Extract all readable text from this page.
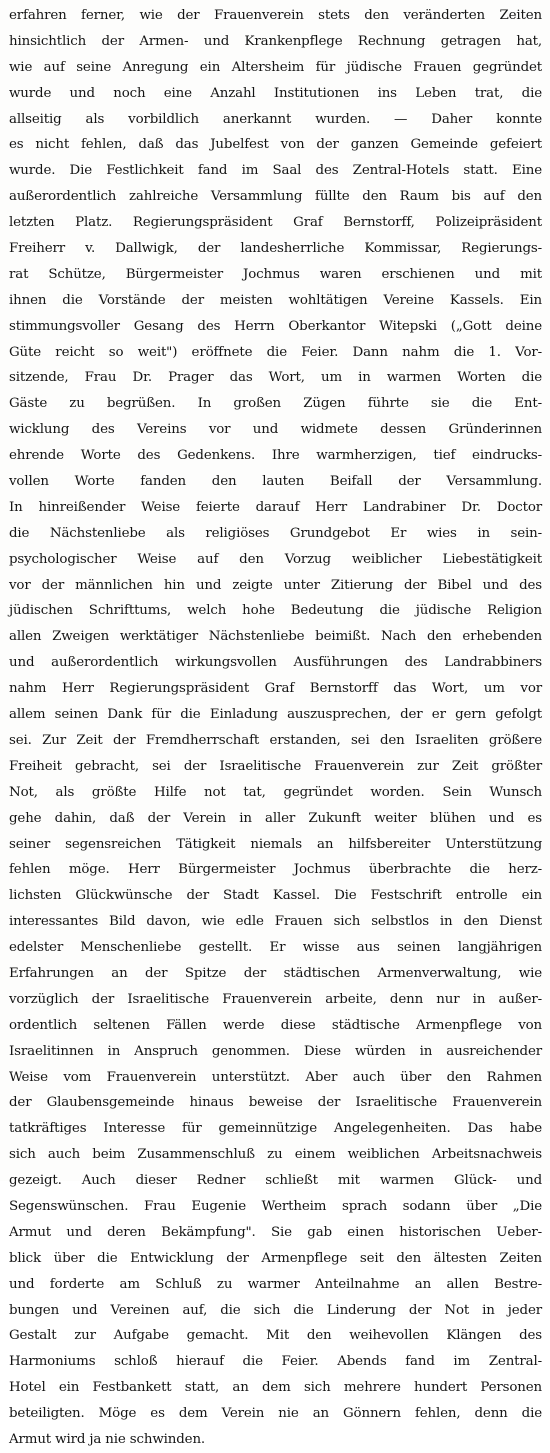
erfahren ferner, wie der Frauenverein stets den veränderten Zeiten
hinsichtlich der Armen- und Krankenpflege Rechnung getragen hat,
wie auf seine Anregung ein Altersheim für jüdische Frauen gegründet
wurde und noch eine Anzahl Institutionen ins Leben trat, die
allseitig als vorbildlich anerkannt wurden. — Daher konnte
es nicht fehlen, daß das Jubelfest von der ganzen Gemeinde gefeiert
wurde. Die Festlichkeit fand im Saal des Zentral-Hotels statt. Eine
außerordentlich zahlreiche Versammlung füllte den Raum bis auf den
letzten Platz. Regierungspräsident Graf Bernstorff, Polizeipräsident
Freiherr v. Dallwigk, der landesherrliche Kommissar, Regierungs-
rat Schütze, Bürgermeister Jochmus waren erschienen und mit
ihnen die Vorstände der meisten wohltätigen Vereine Kassels. Ein
stimmungsvoller Gesang des Herrn Oberkantor Witepski („Gott deine
Güte reicht so weit") eröffnete die Feier. Dann nahm die 1. Vor-
sitzende, Frau Dr. Prager das Wort, um in warmen Worten die
Gäste zu begrüßen. In großen Zügen führte sie die Ent-
wicklung des Vereins vor und widmete dessen Gründerinnen
ehrende Worte des Gedenkens. Ihre warmherzigen, tief eindrucks-
vollen Worte fanden den lauten Beifall der Versammlung.
In hinreißender Weise feierte darauf Herr Landrabiner Dr. Doctor
die Nächstenliebe als religiöses Grundgebot Er wies in sein-
psychologischer Weise auf den Vorzug weiblicher Liebestätigkeit
vor der männlichen hin und zeigte unter Zitierung der Bibel und des
jüdischen Schrifttums, welch hohe Bedeutung die jüdische Religion
allen Zweigen werktätiger Nächstenliebe beimißt. Nach den erhebenden
und außerordentlich wirkungsvollen Ausführungen des Landrabbiners
nahm Herr Regierungspräsident Graf Bernstorff das Wort, um vor
allem seinen Dank für die Einladung auszusprechen, der er gern gefolgt
sei. Zur Zeit der Fremdherrschaft erstanden, sei den Israeliten größere
Freiheit gebracht, sei der Israelitische Frauenverein zur Zeit größter
Not, als größte Hilfe not tat, gegründet worden. Sein Wunsch
gehe dahin, daß der Verein in aller Zukunft weiter blühen und es
seiner segensreichen Tätigkeit niemals an hilfsbereiter Unterstützung
fehlen möge. Herr Bürgermeister Jochmus überbrachte die herz-
lichsten Glückwünsche der Stadt Kassel. Die Festschrift entrolle ein
interessantes Bild davon, wie edle Frauen sich selbstlos in den Dienst
edelster Menschenliebe gestellt. Er wisse aus seinen langjährigen
Erfahrungen an der Spitze der städtischen Armenverwaltung, wie
vorzüglich der Israelitische Frauenverein arbeite, denn nur in außer-
ordentlich seltenen Fällen werde diese städtische Armenpflege von
Israelitinnen in Anspruch genommen. Diese würden in ausreichender
Weise vom Frauenverein unterstützt. Aber auch über den Rahmen
der Glaubensgemeinde hinaus beweise der Israelitische Frauenverein
tatkräftiges Interesse für gemeinnützige Angelegenheiten. Das habe
sich auch beim Zusammenschluß zu einem weiblichen Arbeitsnachweis
gezeigt. Auch dieser Redner schließt mit warmen Glück- und
Segenswünschen. Frau Eugenie Wertheim sprach sodann über „Die
Armut und deren Bekämpfung". Sie gab einen historischen Ueber-
blick über die Entwicklung der Armenpflege seit den ältesten Zeiten
und forderte am Schluß zu warmer Anteilnahme an allen Bestre-
bungen und Vereinen auf, die sich die Linderung der Not in jeder
Gestalt zur Aufgabe gemacht. Mit den weihevollen Klängen des
Harmoniums schloß hierauf die Feier. Abends fand im Zentral-
Hotel ein Festbankett statt, an dem sich mehrere hundert Personen
beteiligten. Möge es dem Verein nie an Gönnern fehlen, denn die
Armut wird ja nie schwinden.
